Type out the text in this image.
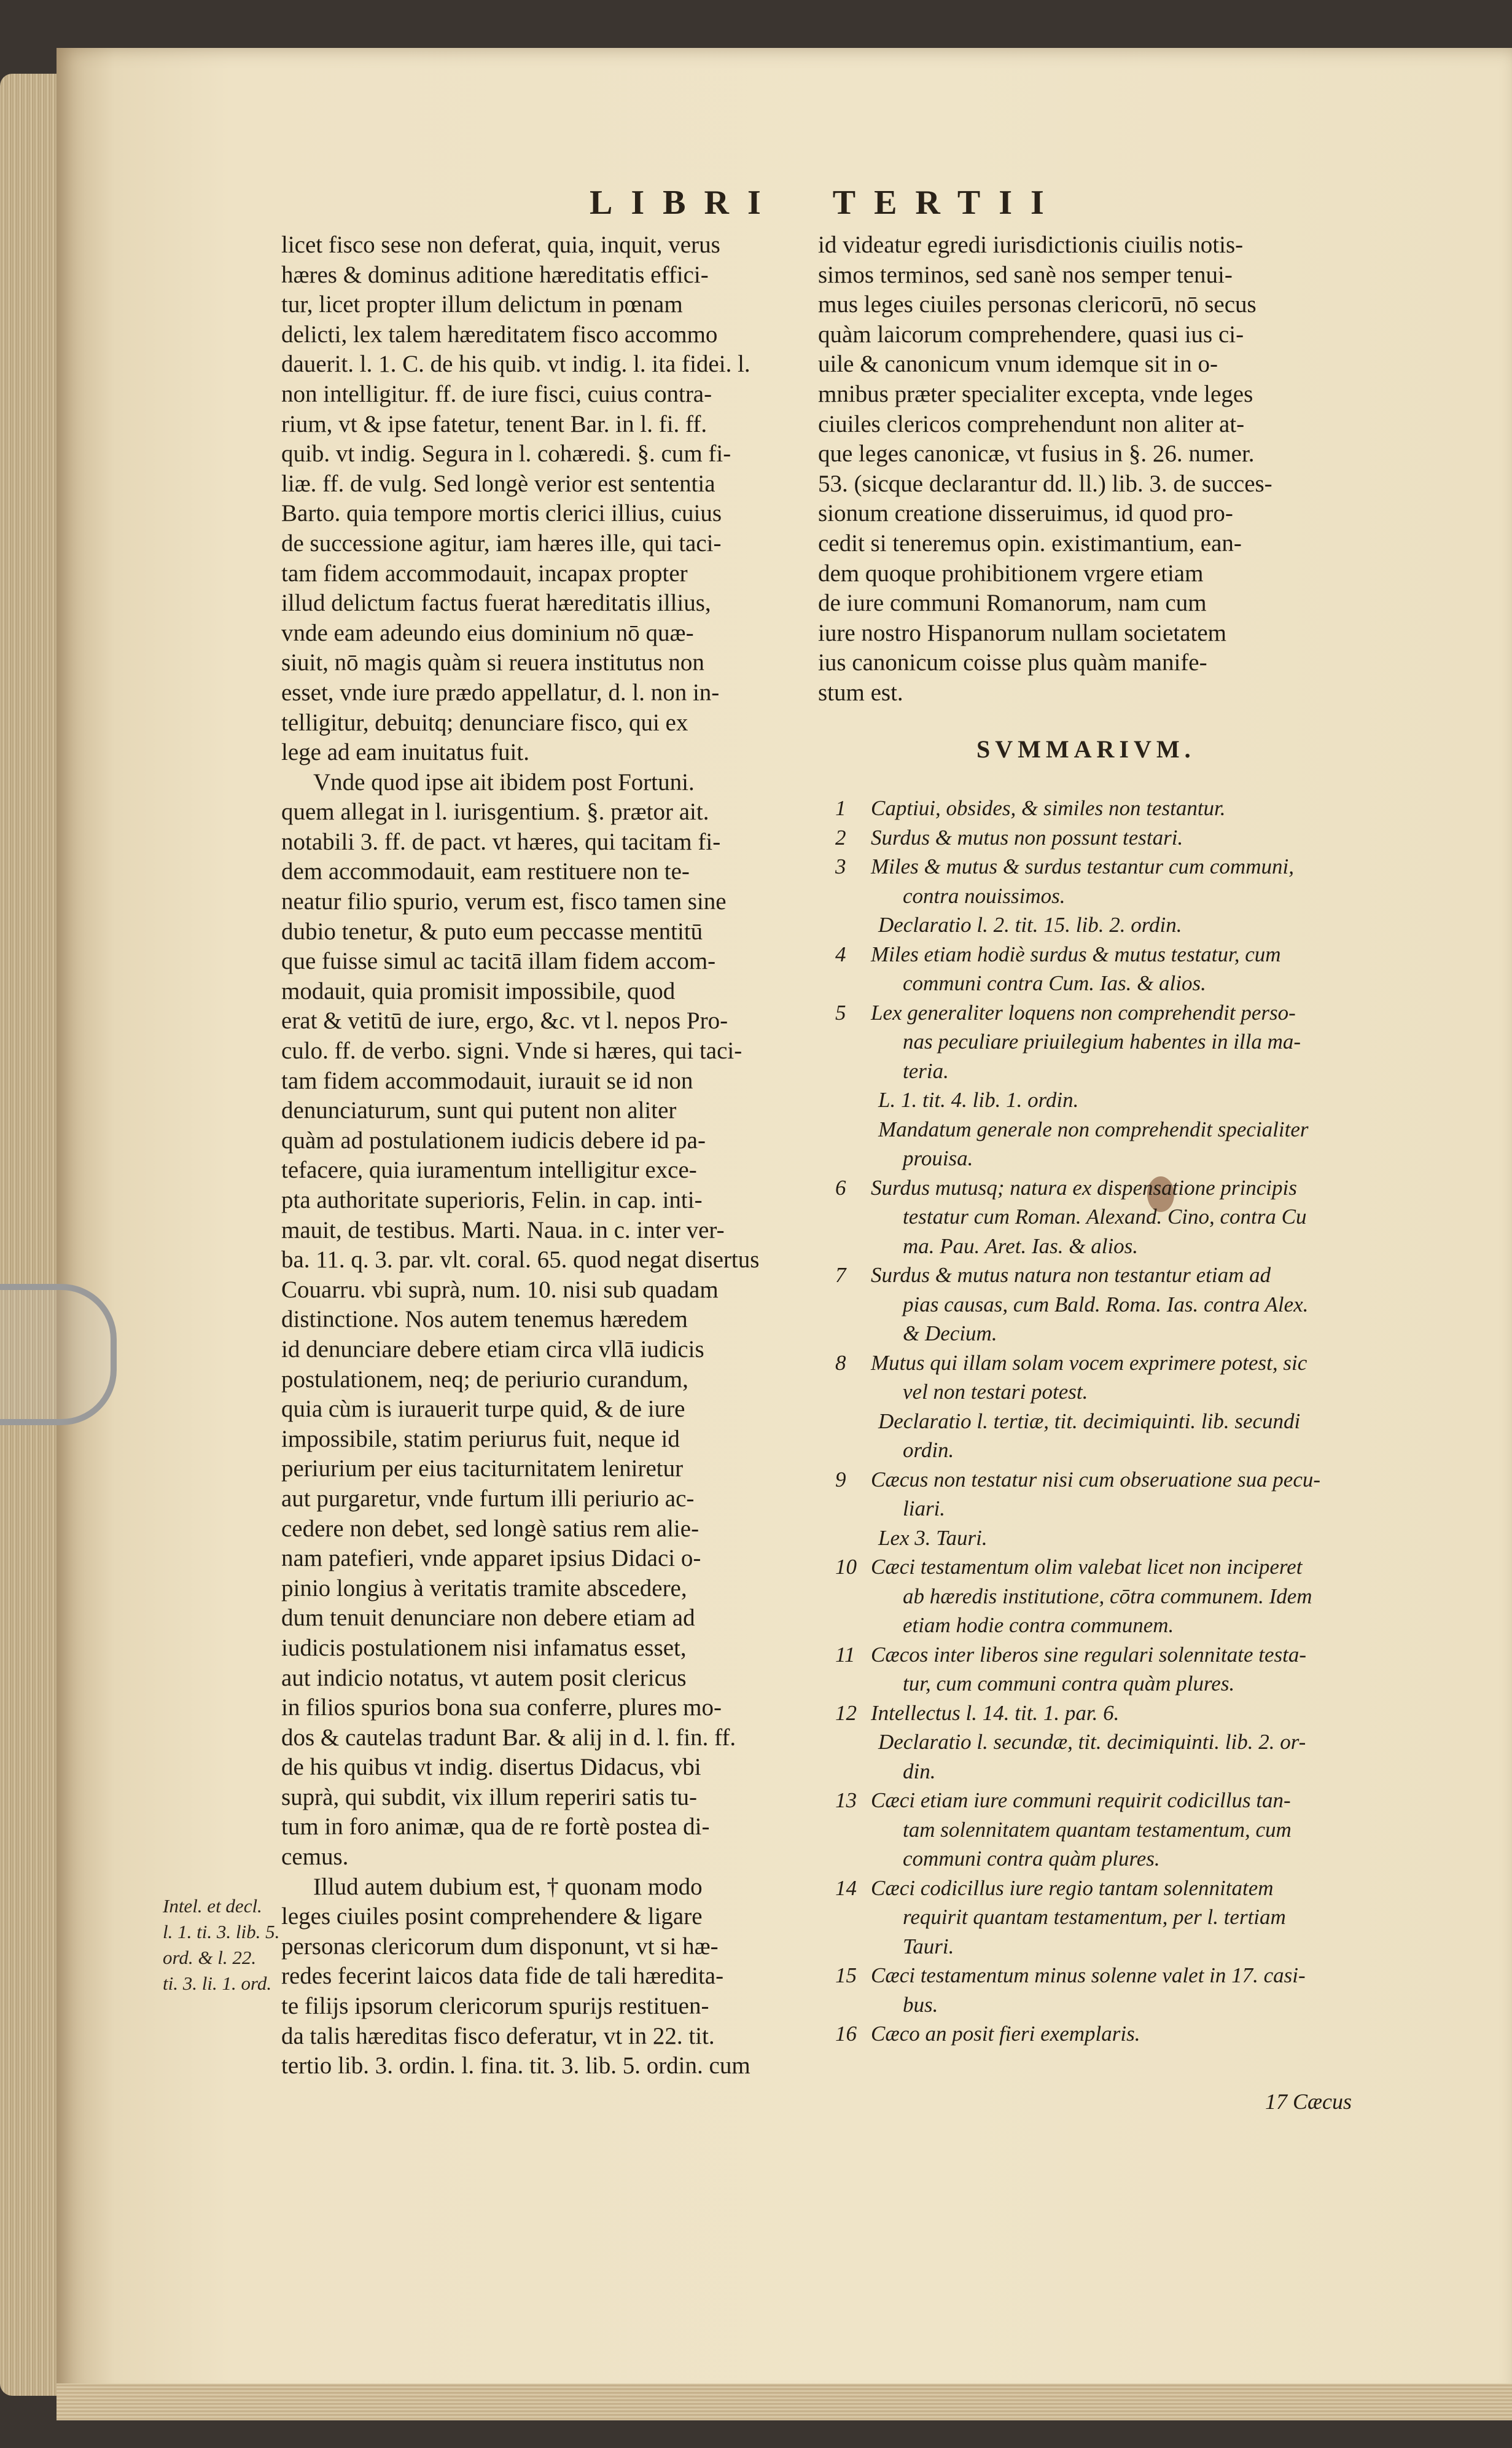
LIBRI  TERTII
licet fisco sese non deferat, quia, inquit, verus
hæres & dominus aditione hæreditatis effici-
tur, licet propter illum delictum in pœnam
delicti, lex talem hæreditatem fisco accommo
dauerit. l. 1. C. de his quib. vt indig. l. ita fidei. l.
non intelligitur. ff. de iure fisci, cuius contra-
rium, vt & ipse fatetur, tenent Bar. in l. fi. ff.
quib. vt indig. Segura in l. cohæredi. §. cum fi-
liæ. ff. de vulg. Sed longè verior est sententia
Barto. quia tempore mortis clerici illius, cuius
de successione agitur, iam hæres ille, qui taci-
tam fidem accommodauit, incapax propter
illud delictum factus fuerat hæreditatis illius,
vnde eam adeundo eius dominium nō quæ-
siuit, nō magis quàm si reuera institutus non
esset, vnde iure prædo appellatur, d. l. non in-
telligitur, debuitq; denunciare fisco, qui ex
lege ad eam inuitatus fuit.
Vnde quod ipse ait ibidem post Fortuni.
quem allegat in l. iurisgentium. §. prætor ait.
notabili 3. ff. de pact. vt hæres, qui tacitam fi-
dem accommodauit, eam restituere non te-
neatur filio spurio, verum est, fisco tamen sine
dubio tenetur, & puto eum peccasse mentitū
que fuisse simul ac tacitā illam fidem accom-
modauit, quia promisit impossibile, quod
erat & vetitū de iure, ergo, &c. vt l. nepos Pro-
culo. ff. de verbo. signi. Vnde si hæres, qui taci-
tam fidem accommodauit, iurauit se id non
denunciaturum, sunt qui putent non aliter
quàm ad postulationem iudicis debere id pa-
tefacere, quia iuramentum intelligitur exce-
pta authoritate superioris, Felin. in cap. inti-
mauit, de testibus. Marti. Naua. in c. inter ver-
ba. 11. q. 3. par. vlt. coral. 65. quod negat disertus
Couarru. vbi suprà, num. 10. nisi sub quadam
distinctione. Nos autem tenemus hæredem
id denunciare debere etiam circa vllā iudicis
postulationem, neq; de periurio curandum,
quia cùm is iurauerit turpe quid, & de iure
impossibile, statim periurus fuit, neque id
periurium per eius taciturnitatem leniretur
aut purgaretur, vnde furtum illi periurio ac-
cedere non debet, sed longè satius rem alie-
nam patefieri, vnde apparet ipsius Didaci o-
pinio longius à veritatis tramite abscedere,
dum tenuit denunciare non debere etiam ad
iudicis postulationem nisi infamatus esset,
aut indicio notatus, vt autem posit clericus
in filios spurios bona sua conferre, plures mo-
dos & cautelas tradunt Bar. & alij in d. l. fin. ff.
de his quibus vt indig. disertus Didacus, vbi
suprà, qui subdit, vix illum reperiri satis tu-
tum in foro animæ, qua de re fortè postea di-
cemus.
Illud autem dubium est, † quonam modo
leges ciuiles posint comprehendere & ligare
personas clericorum dum disponunt, vt si hæ-
redes fecerint laicos data fide de tali hæredita-
te filijs ipsorum clericorum spurijs restituen-
da talis hæreditas fisco deferatur, vt in 22. tit.
tertio lib. 3. ordin. l. fina. tit. 3. lib. 5. ordin. cum
id videatur egredi iurisdictionis ciuilis notis-
simos terminos, sed sanè nos semper tenui-
mus leges ciuiles personas clericorū, nō secus
quàm laicorum comprehendere, quasi ius ci-
uile & canonicum vnum idemque sit in o-
mnibus præter specialiter excepta, vnde leges
ciuiles clericos comprehendunt non aliter at-
que leges canonicæ, vt fusius in §. 26. numer.
53. (sicque declarantur dd. ll.) lib. 3. de succes-
sionum creatione disseruimus, id quod pro-
cedit si teneremus opin. existimantium, ean-
dem quoque prohibitionem vrgere etiam
de iure communi Romanorum, nam cum
iure nostro Hispanorum nullam societatem
ius canonicum coisse plus quàm manife-
stum est.
SVMMARIVM.
1	Captiui, obsides, & similes non testantur.
2	Surdus & mutus non possunt testari.
3	Miles & mutus & surdus testantur cum communi,
contra nouissimos.
Declaratio l. 2. tit. 15. lib. 2. ordin.
4	Miles etiam hodiè surdus & mutus testatur, cum
communi contra Cum. Ias. & alios.
5	Lex generaliter loquens non comprehendit perso-
nas peculiare priuilegium habentes in illa ma-
teria.
L. 1. tit. 4. lib. 1. ordin.
Mandatum generale non comprehendit specialiter
prouisa.
6	Surdus mutusq; natura ex dispensatione principis
testatur cum Roman. Alexand. Cino, contra Cu
ma. Pau. Aret. Ias. & alios.
7	Surdus & mutus natura non testantur etiam ad
pias causas, cum Bald. Roma. Ias. contra Alex.
& Decium.
8	Mutus qui illam solam vocem exprimere potest, sic
vel non testari potest.
Declaratio l. tertiæ, tit. decimiquinti. lib. secundi
ordin.
9	Cæcus non testatur nisi cum obseruatione sua pecu-
liari.
Lex 3. Tauri.
10 Cæci testamentum olim valebat licet non inciperet
ab hæredis institutione, cōtra communem. Idem
etiam hodie contra communem.
11 Cæcos inter liberos sine regulari solennitate testa-
tur, cum communi contra quàm plures.
12 Intellectus l. 14. tit. 1. par. 6.
Declaratio l. secundæ, tit. decimiquinti. lib. 2. or-
din.
13 Cæci etiam iure communi requirit codicillus tan-
tam solennitatem quantam testamentum, cum
communi contra quàm plures.
14 Cæci codicillus iure regio tantam solennitatem
requirit quantam testamentum, per l. tertiam
Tauri.
15 Cæci testamentum minus solenne valet in 17. casi-
bus.
16 Cæco an posit fieri exemplaris.
Intel. et decl.
l. 1. ti. 3. lib. 5.
ord. & l. 22.
ti. 3. li. 1. ord.
17 Cæcus
